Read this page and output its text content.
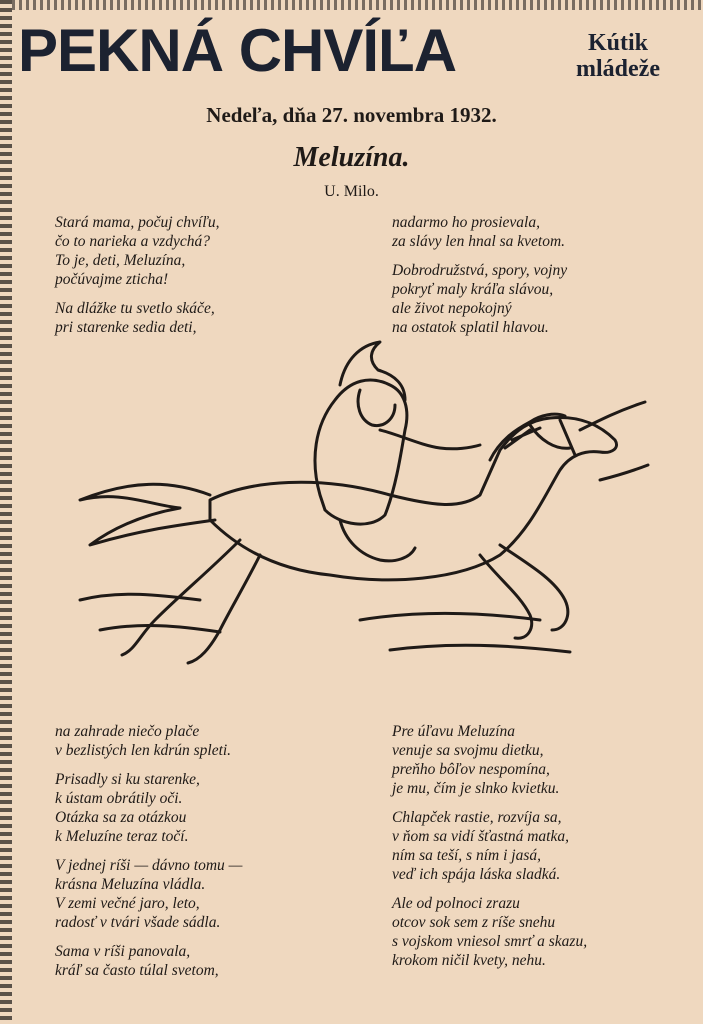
PEKNÁ CHVÍĽA	Kútik
mládeže
Nedeľa, dňa 27. novembra 1932.
Meluzína.
U. Milo.
Stará mama, počuj chvíľu,
čo to narieka a vzdychá?
To je, deti, Meluzína,
počúvajme zticha!
Na dlážke tu svetlo skáče,
pri starenke sedia deti,
nadarmo ho prosievala,
za slávy len hnal sa kvetom.
Dobrodružstvá, spory, vojny
pokryť maly kráľa slávou,
ale život nepokojný
na ostatok splatil hlavou.
na zahrade niečo plače
v bezlistých len kdrún spleti.
Prisadly si ku starenke,
k ústam obrátily oči.
Otázka sa za otázkou
k Meluzíne teraz točí.
V jednej ríši — dávno tomu —
krásna Meluzína vládla.
V zemi večné jaro, leto,
radosť v tvári všade sádla.
Sama v ríši panovala,
kráľ sa často túlal svetom,
Pre úľavu Meluzína
venuje sa svojmu dietku,
preňho bôľov nespomína,
je mu, čím je slnko kvietku.
Chlapček rastie, rozvíja sa,
v ňom sa vidí šťastná matka,
ním sa teší, s ním i jasá,
veď ich spája láska sladká.
Ale od polnoci zrazu
otcov sok sem z ríše snehu
s vojskom vniesol smrť a skazu,
krokom ničil kvety, nehu.
